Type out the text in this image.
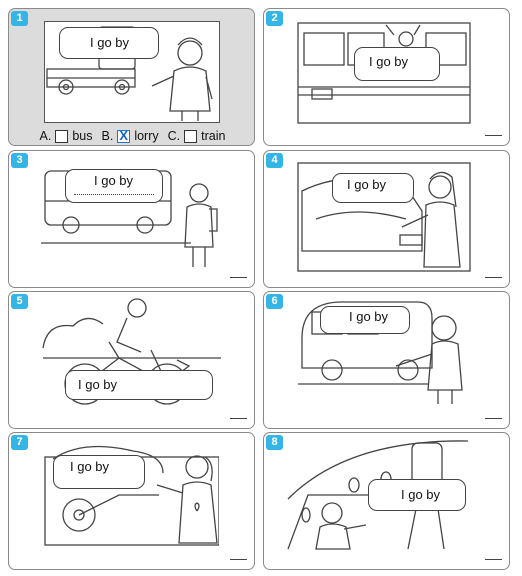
1
I go by
A. bus B.
X lorry C. train
2
I go by
3
I go by
4
I go by
5
I go by
6
I go by
7
I go by
8
I go by
